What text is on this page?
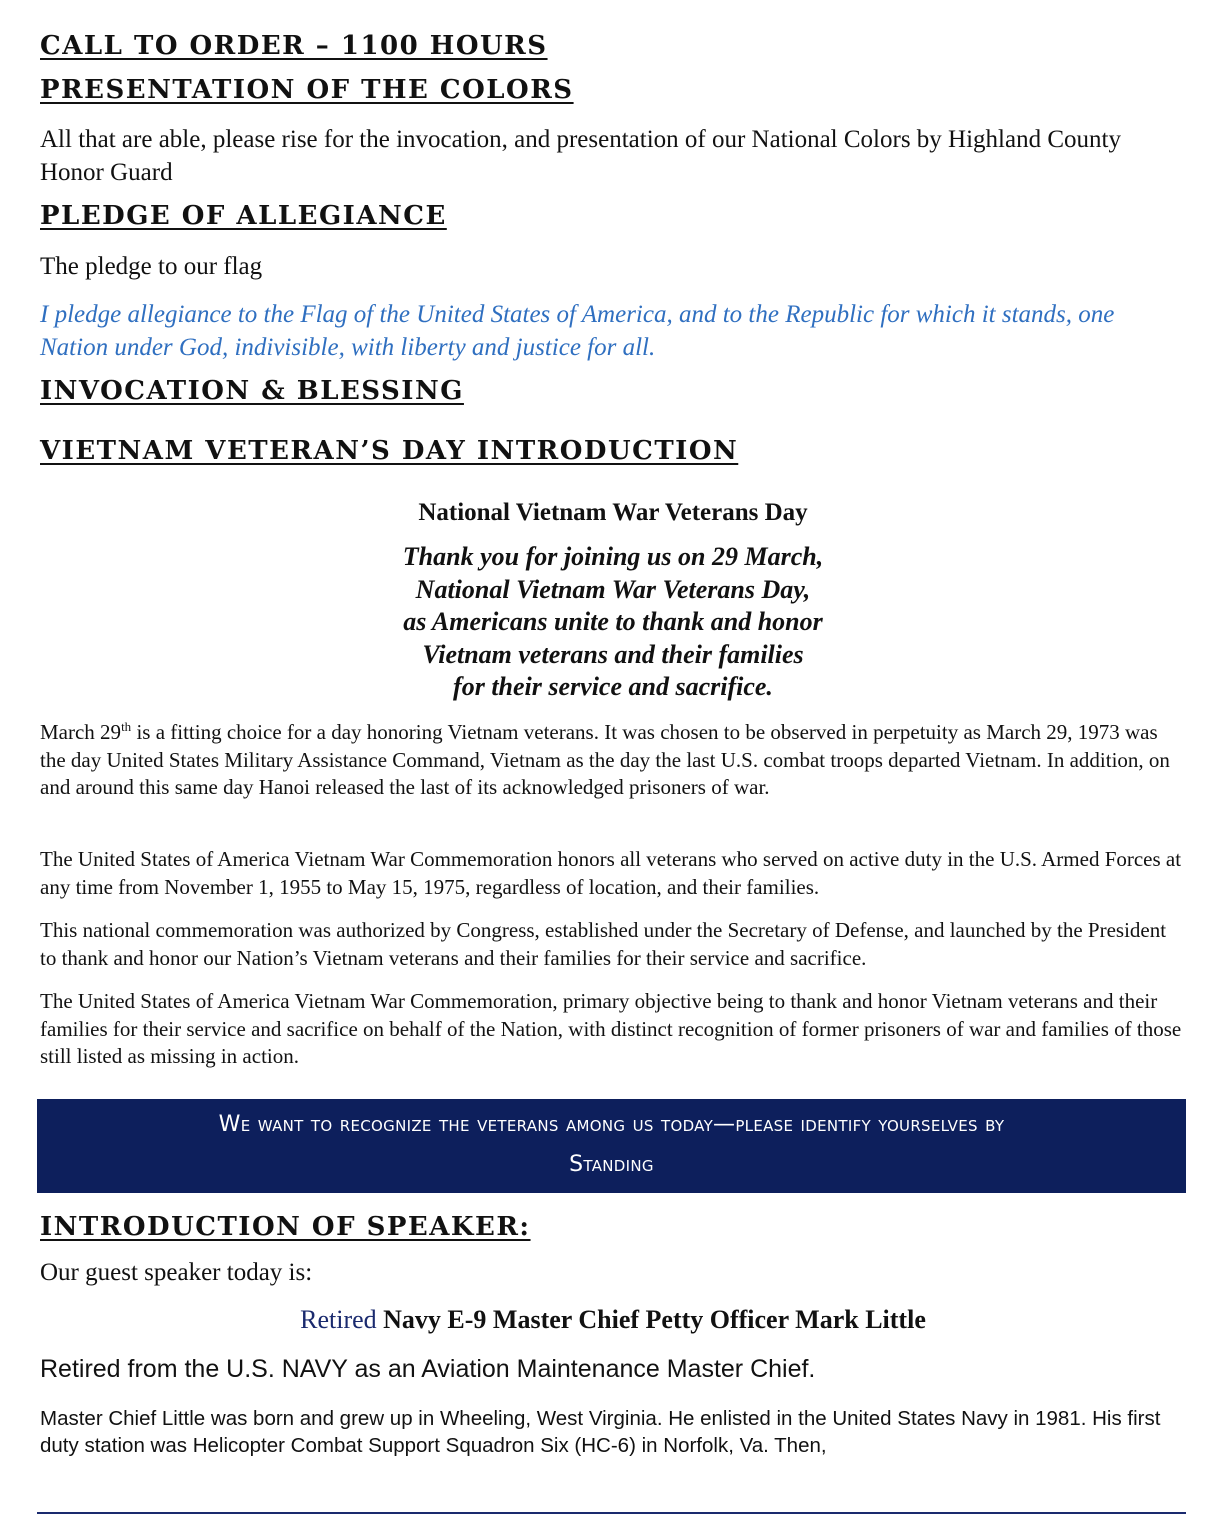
CALL TO ORDER – 1100 HOURS
PRESENTATION OF THE COLORS

All that are able, please rise for the invocation, and presentation of our National Colors by Highland County Honor Guard

PLEDGE OF ALLEGIANCE

The pledge to our flag

I pledge allegiance to the Flag of the United States of America, and to the Republic for which it stands, one Nation under God, indivisible, with liberty and justice for all.

INVOCATION & BLESSING
VIETNAM VETERAN’S DAY INTRODUCTION

National Vietnam War Veterans Day

Thank you for joining us on 29 March,

National Vietnam War Veterans Day,

as Americans unite to thank and honor

Vietnam veterans and their families

for their service and sacrifice.

March 29th is a fitting choice for a day honoring Vietnam veterans. It was chosen to be observed in perpetuity as March 29, 1973 was the day United States Military Assistance Command, Vietnam as the day the last U.S. combat troops departed Vietnam. In addition, on and around this same day Hanoi released the last of its acknowledged prisoners of war.

The United States of America Vietnam War Commemoration honors all veterans who served on active duty in the U.S. Armed Forces at any time from November 1, 1955 to May 15, 1975, regardless of location, and their families.

This national commemoration was authorized by Congress, established under the Secretary of Defense, and launched by the President to thank and honor our Nation’s Vietnam veterans and their families for their service and sacrifice.

The United States of America Vietnam War Commemoration, primary objective being to thank and honor Vietnam veterans and their families for their service and sacrifice on behalf of the Nation, with distinct recognition of former prisoners of war and families of those still listed as missing in action.

INTRODUCTION OF SPEAKER:

Our guest speaker today is:

Retired Navy E-9 Master Chief Petty Officer Mark Little

Retired from the U.S. NAVY as an Aviation Maintenance Master Chief.

Master Chief Little was born and grew up in Wheeling, West Virginia. He enlisted in the United States Navy in 1981. His first duty station was Helicopter Combat Support Squadron Six (HC-6) in Norfolk, Va. Then,

We want to recognize the veterans among us today—please identify yourselves by
Standing
